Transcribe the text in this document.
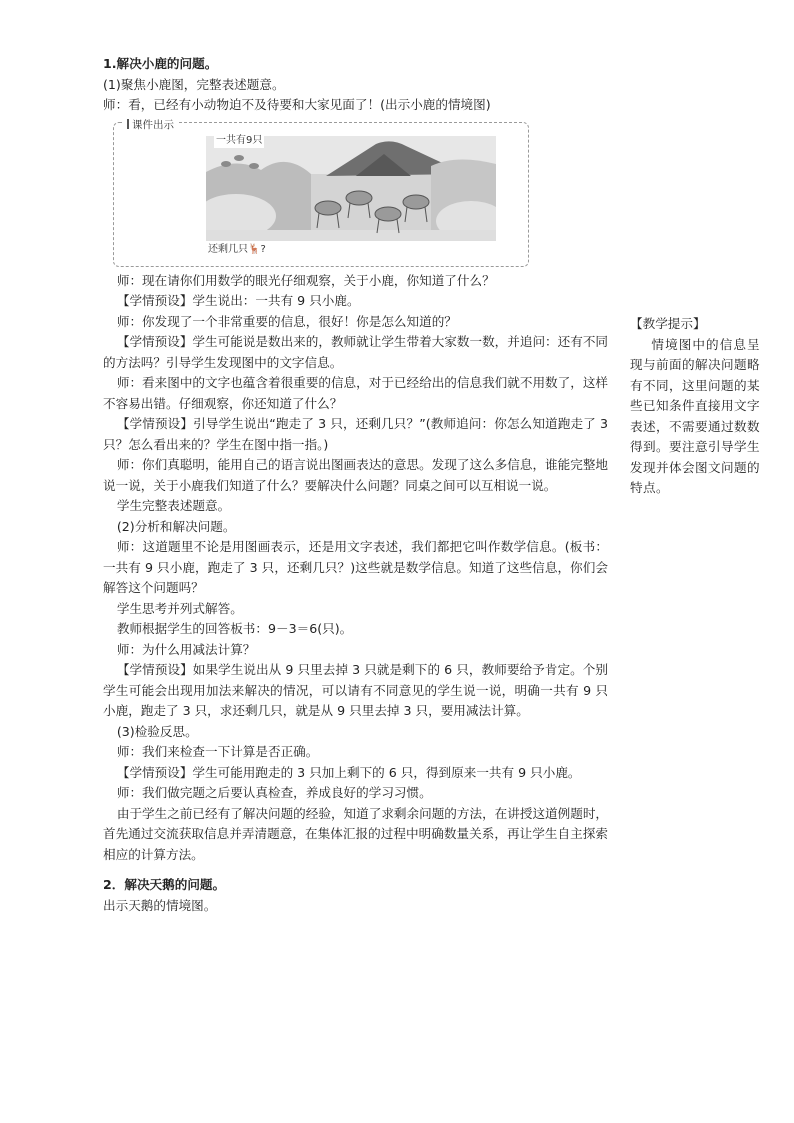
1.解决小鹿的问题。

(1)聚焦小鹿图，完整表述题意。

师：看，已经有小动物迫不及待要和大家见面了！(出示小鹿的情境图)

课件出示
一共有9只
还剩几只🦌?

师：现在请你们用数学的眼光仔细观察，关于小鹿，你知道了什么？

【学情预设】学生说出：一共有 9 只小鹿。

师：你发现了一个非常重要的信息，很好！你是怎么知道的？

【学情预设】学生可能说是数出来的，教师就让学生带着大家数一数，并追问：还有不同的方法吗？引导学生发现图中的文字信息。

师：看来图中的文字也蕴含着很重要的信息，对于已经给出的信息我们就不用数了，这样不容易出错。仔细观察，你还知道了什么？

【学情预设】引导学生说出“跑走了 3 只，还剩几只？”(教师追问：你怎么知道跑走了 3 只？怎么看出来的？学生在图中指一指。)

师：你们真聪明，能用自己的语言说出图画表达的意思。发现了这么多信息，谁能完整地说一说，关于小鹿我们知道了什么？要解决什么问题？同桌之间可以互相说一说。

学生完整表述题意。

(2)分析和解决问题。

师：这道题里不论是用图画表示，还是用文字表述，我们都把它叫作数学信息。(板书：一共有 9 只小鹿，跑走了 3 只，还剩几只？)这些就是数学信息。知道了这些信息，你们会解答这个问题吗？

学生思考并列式解答。

教师根据学生的回答板书：9－3＝6(只)。

师：为什么用减法计算？

【学情预设】如果学生说出从 9 只里去掉 3 只就是剩下的 6 只，教师要给予肯定。个别学生可能会出现用加法来解决的情况，可以请有不同意见的学生说一说，明确一共有 9 只小鹿，跑走了 3 只，求还剩几只，就是从 9 只里去掉 3 只，要用减法计算。

(3)检验反思。

师：我们来检查一下计算是否正确。

【学情预设】学生可能用跑走的 3 只加上剩下的 6 只，得到原来一共有 9 只小鹿。

师：我们做完题之后要认真检查，养成良好的学习习惯。

由于学生之前已经有了解决问题的经验，知道了求剩余问题的方法，在讲授这道例题时，首先通过交流获取信息并弄清题意，在集体汇报的过程中明确数量关系，再让学生自主探索相应的计算方法。

2．解决天鹅的问题。

出示天鹅的情境图。

【教学提示】

情境图中的信息呈现与前面的解决问题略有不同，这里问题的某些已知条件直接用文字表述，不需要通过数数得到。要注意引导学生发现并体会图文问题的特点。
